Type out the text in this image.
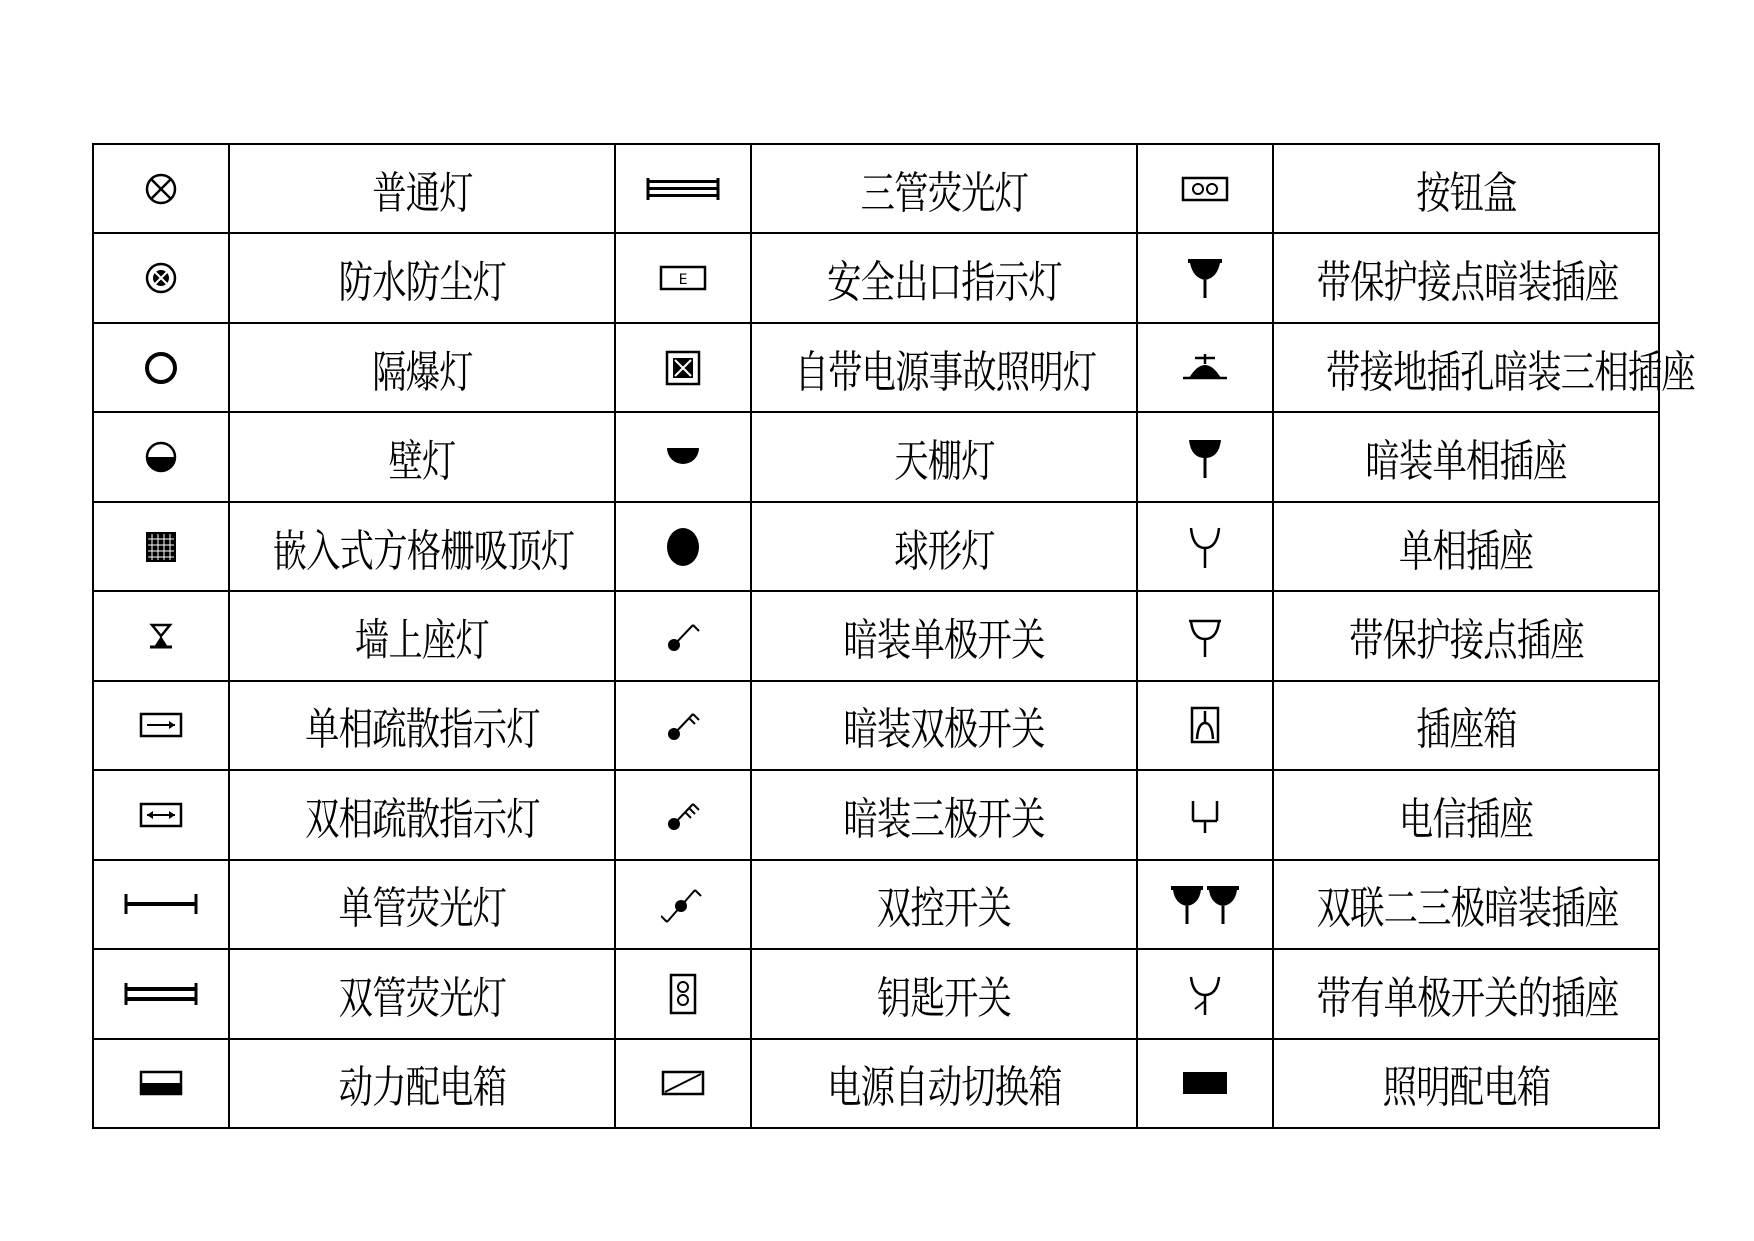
	普通灯		三管荧光灯		按钮盒

	防水防尘灯	E	安全出口指示灯		带保护接点暗装插座

	隔爆灯		自带电源事故照明灯		带接地插孔暗装三相插座

	壁灯		天棚灯		暗装单相插座

	嵌入式方格栅吸顶灯		球形灯		单相插座

	墙上座灯		暗装单极开关		带保护接点插座

	单相疏散指示灯		暗装双极开关		插座箱

	双相疏散指示灯		暗装三极开关		电信插座

	单管荧光灯		双控开关		双联二三极暗装插座

	双管荧光灯		钥匙开关		带有单极开关的插座

	动力配电箱		电源自动切换箱		照明配电箱
